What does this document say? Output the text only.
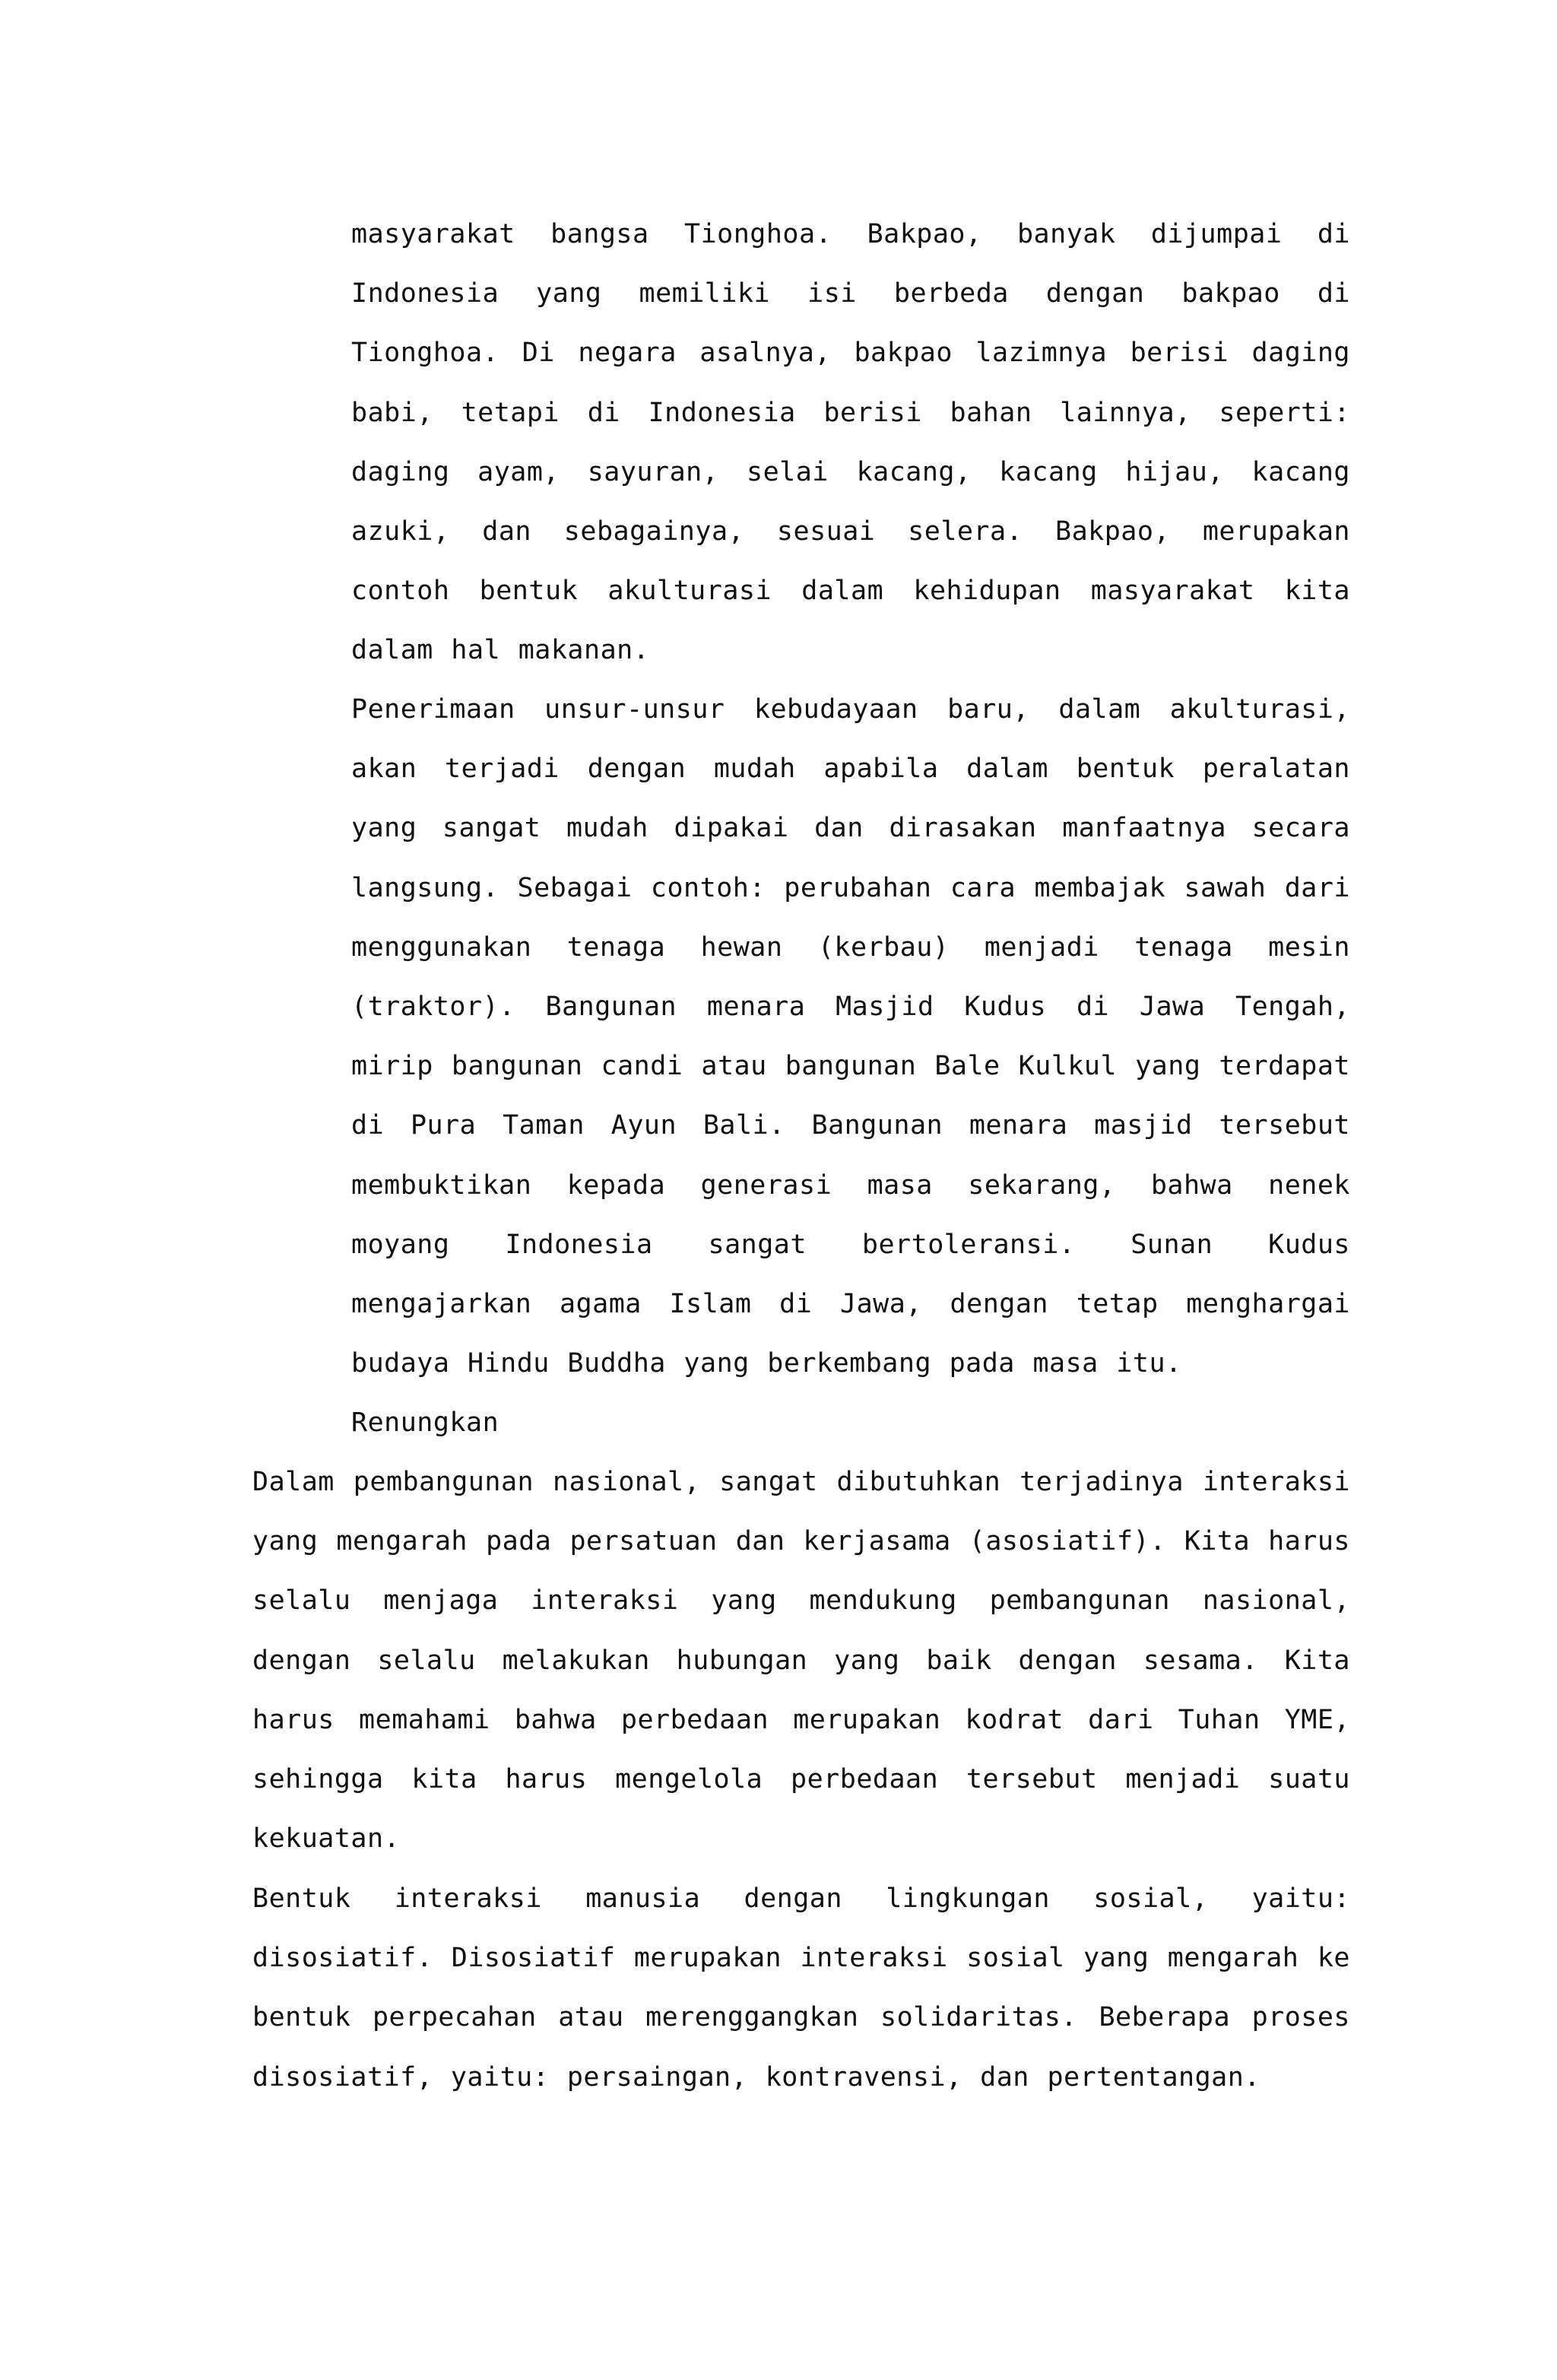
masyarakat bangsa Tionghoa. Bakpao, banyak dijumpai di Indonesia yang memiliki isi berbeda dengan bakpao di Tionghoa. Di negara asalnya, bakpao lazimnya berisi daging babi, tetapi di Indonesia berisi bahan lainnya, seperti: daging ayam, sayuran, selai kacang, kacang hijau, kacang azuki, dan sebagainya, sesuai selera. Bakpao, merupakan contoh bentuk akulturasi dalam kehidupan masyarakat kita dalam hal makanan.

Penerimaan unsur-unsur kebudayaan baru, dalam akulturasi, akan terjadi dengan mudah apabila dalam bentuk peralatan yang sangat mudah dipakai dan dirasakan manfaatnya secara langsung. Sebagai contoh: perubahan cara membajak sawah dari menggunakan tenaga hewan (kerbau) menjadi tenaga mesin (traktor). Bangunan menara Masjid Kudus di Jawa Tengah, mirip bangunan candi atau bangunan Bale Kulkul yang terdapat di Pura Taman Ayun Bali. Bangunan menara masjid tersebut membuktikan kepada generasi masa sekarang, bahwa nenek moyang Indonesia sangat bertoleransi. Sunan Kudus mengajarkan agama Islam di Jawa, dengan tetap menghargai budaya Hindu Buddha yang berkembang pada masa itu.

Renungkan

Dalam pembangunan nasional, sangat dibutuhkan terjadinya interaksi yang mengarah pada persatuan dan kerjasama (asosiatif). Kita harus selalu menjaga interaksi yang mendukung pembangunan nasional, dengan selalu melakukan hubungan yang baik dengan sesama. Kita harus memahami bahwa perbedaan merupakan kodrat dari Tuhan YME, sehingga kita harus mengelola perbedaan tersebut menjadi suatu kekuatan.

Bentuk interaksi manusia dengan lingkungan sosial, yaitu: disosiatif. Disosiatif merupakan interaksi sosial yang mengarah ke bentuk perpecahan atau merenggangkan solidaritas. Beberapa proses disosiatif, yaitu: persaingan, kontravensi, dan pertentangan.
